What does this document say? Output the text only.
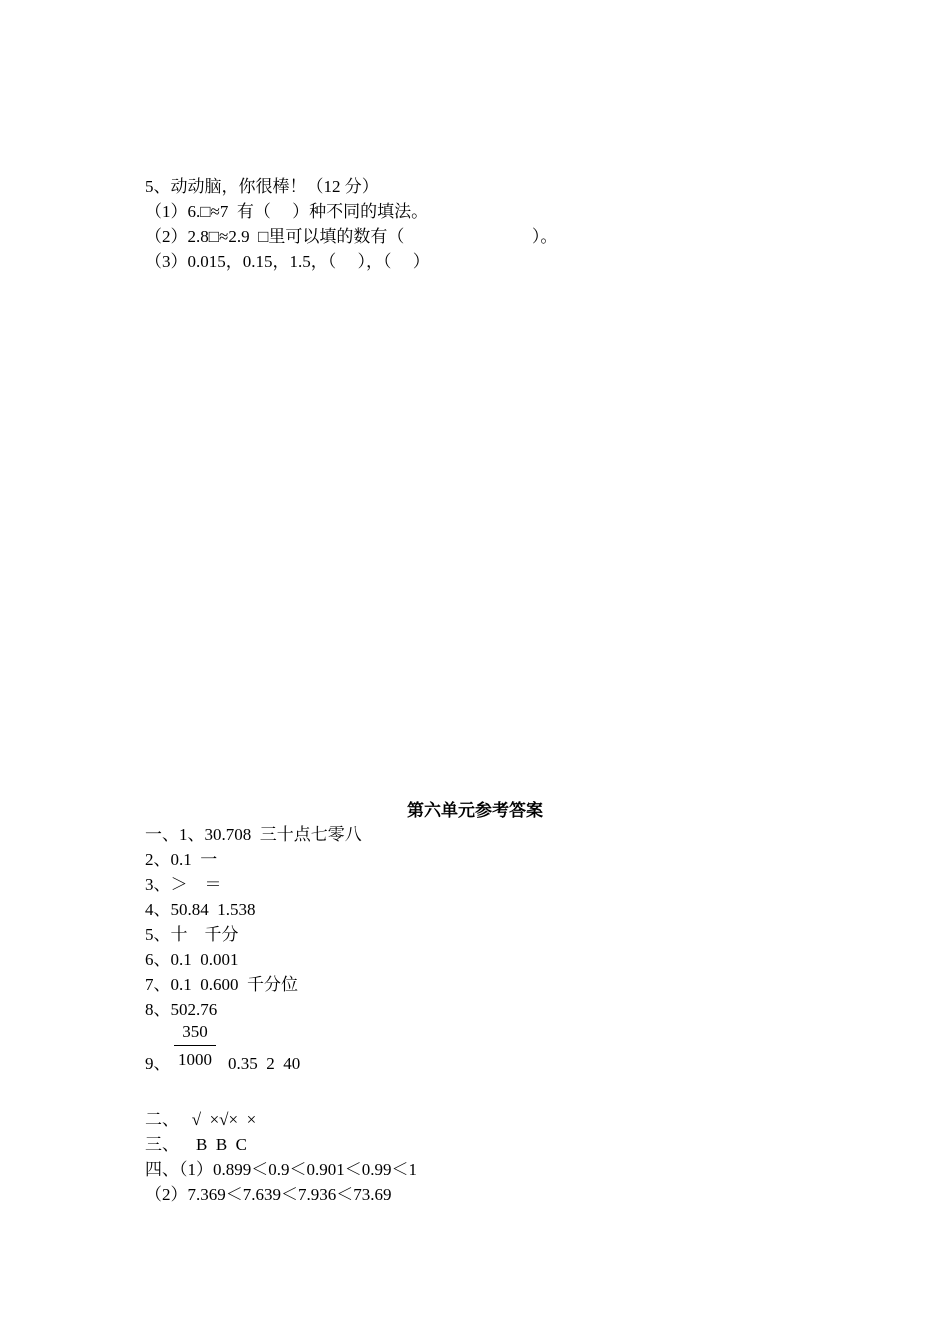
5、动动脑，你很棒！（12 分）
（1）6.□≈7  有（     ）种不同的填法。
（2）2.8□≈2.9  □里可以填的数有（                              ）。
（3）0.015，0.15，1.5，（     ），（     ）
第六单元参考答案
一、1、30.708  三十点七零八
2、0.1  一
3、＞    ＝
4、50.84  1.538
5、十    千分
6、0.1  0.001
7、0.1  0.600  千分位
8、502.76
350
1000
9、	0.35  2  40
二、   √  ×√×  ×
三、    B  B  C
四、（1）0.899＜0.9＜0.901＜0.99＜1
（2）7.369＜7.639＜7.936＜73.69
